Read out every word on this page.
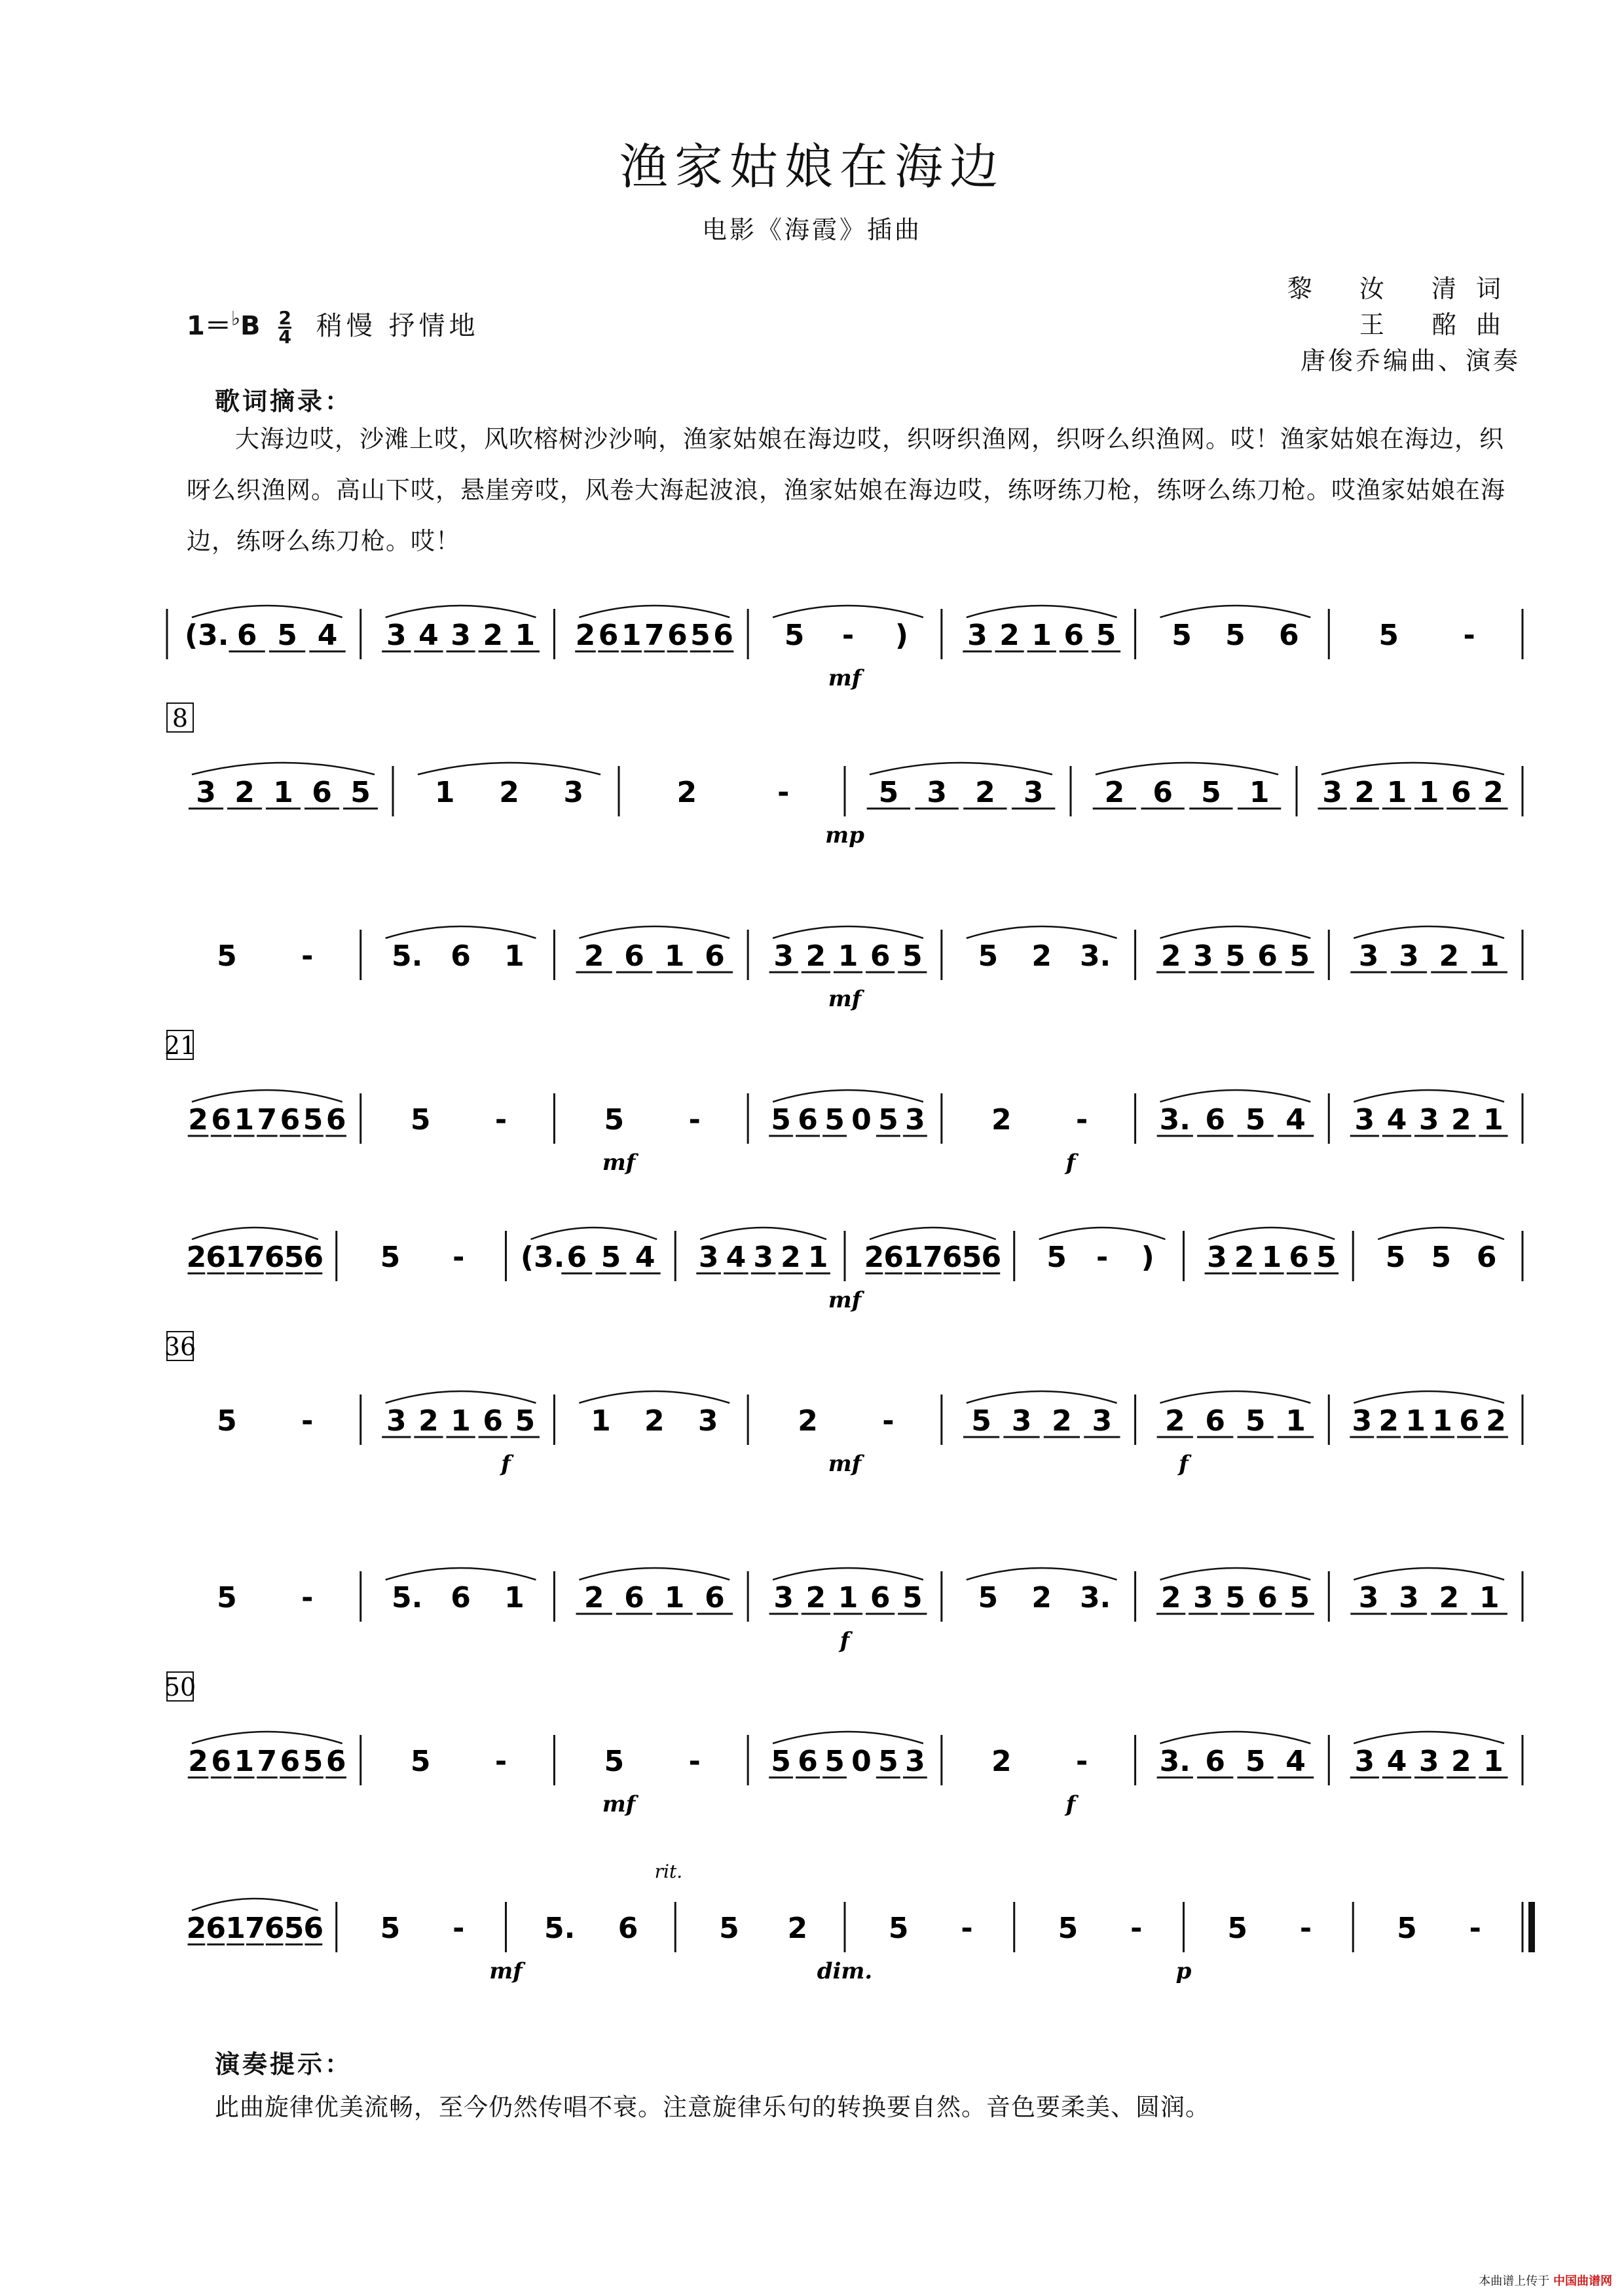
渔家姑娘在海边
电影《海霞》插曲
黎 汝 清词
王 酩曲
唐俊乔编曲、演奏
$1=^♭B \frac{2}{4}$ 稍慢 抒情地
歌词摘录：
大海边哎，沙滩上哎，风吹榕树沙沙响，渔家姑娘在海边哎，织呀织渔网，织呀么织渔网。哎！渔家姑娘在海边，织呀么织渔网。高山下哎，悬崖旁哎，风卷大海起波浪，渔家姑娘在海边哎，练呀练刀枪，练呀么练刀枪。哎渔家姑娘在海边，练呀么练刀枪。哎！
(3. 6 5 4 3 4 3 2 1 2 6 1 7 6 5 6 5 - ) 3 2 1 6 5 5 5 6	5 -
mf
8
3 2 1 6 5 1 2 3	2	-	5 3 2 3 2 6 5 1 3 2 1 1 6 2
mp
5 -	5. 6 1 2 6 1 6 3 2 1 6 5 5 2 3. 2 3 5 6 5 3 3 2 1
mf
21
2 6 1 7 6 5 6 5 -	5 - 5 6 5 0 5 3 2 - 3. 6 5 4 3 4 3 2 1
mf	f
2 6 1 7 6 5 6 5 - (3. 6 5 4 3 4 3 2 1 2 6 1 7 6 5 6 5 - ) 3 2 1 6 5 5 5 6
mf
36
5 -	3 2 1 6 5 1 2 3	2 -	5 3 2 3 2 6 5 1 3 2 1 1 6 2
f	mf	f
5 -	5. 6 1 2 6 1 6 3 2 1 6 5 5 2 3. 2 3 5 6 5 3 3 2 1
f
50
2 6 1 7 6 5 6 5 -	5 - 5 6 5 0 5 3 2 - 3. 6 5 4 3 4 3 2 1
mf	f
2 6 1 7 6 5 6 5 -	5. 6	5 2	5 -	5 -	5 -	5 -
mf	dim.	p
rit.
演奏提示：
此曲旋律优美流畅，至今仍然传唱不衰。注意旋律乐句的转换要自然。音色要柔美、圆润。
本曲谱上传于 中国曲谱网
